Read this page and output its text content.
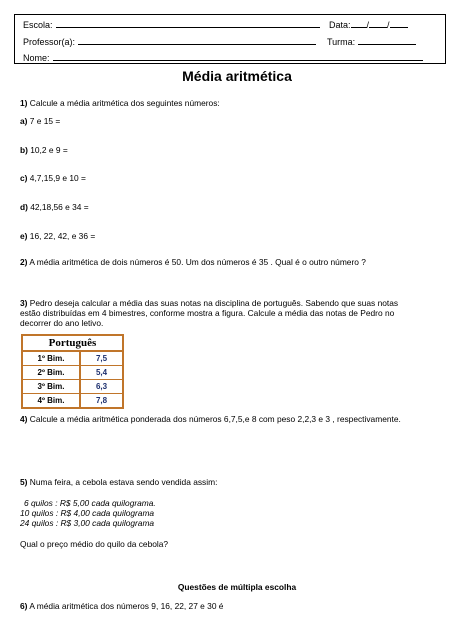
Escola:	Data: / /
Professor(a):	Turma:
Nome:
Média aritmética
1) Calcule a média aritmética dos seguintes números:
a) 7 e 15 =
b) 10,2 e 9 =
c) 4,7,15,9 e 10 =
d) 42,18,56 e 34 =
e) 16, 22, 42, e 36 =
2) A média aritmética de dois números é 50. Um dos números é 35 . Qual é o outro número ?
3) Pedro deseja calcular a média das suas notas na disciplina de português. Sabendo que suas notas
estão distribuídas em 4 bimestres, conforme mostra a figura. Calcule a média das notas de Pedro no
decorrer do ano letivo.
Português
1º Bim.	7,5
2º Bim.	5,4
3º Bim.	6,3
4º Bim.	7,8
4) Calcule a média aritmética ponderada dos números 6,7,5,e 8 com peso 2,2,3 e 3 , respectivamente.
5) Numa feira, a cebola estava sendo vendida assim:
6 quilos : R$ 5,00 cada quilograma.
10 quilos : R$ 4,00 cada quilograma
24 quilos : R$ 3,00 cada quilograma
Qual o preço médio do quilo da cebola?
Questões de múltipla escolha
6) A média aritmética dos números 9, 16, 22, 27 e 30 é
